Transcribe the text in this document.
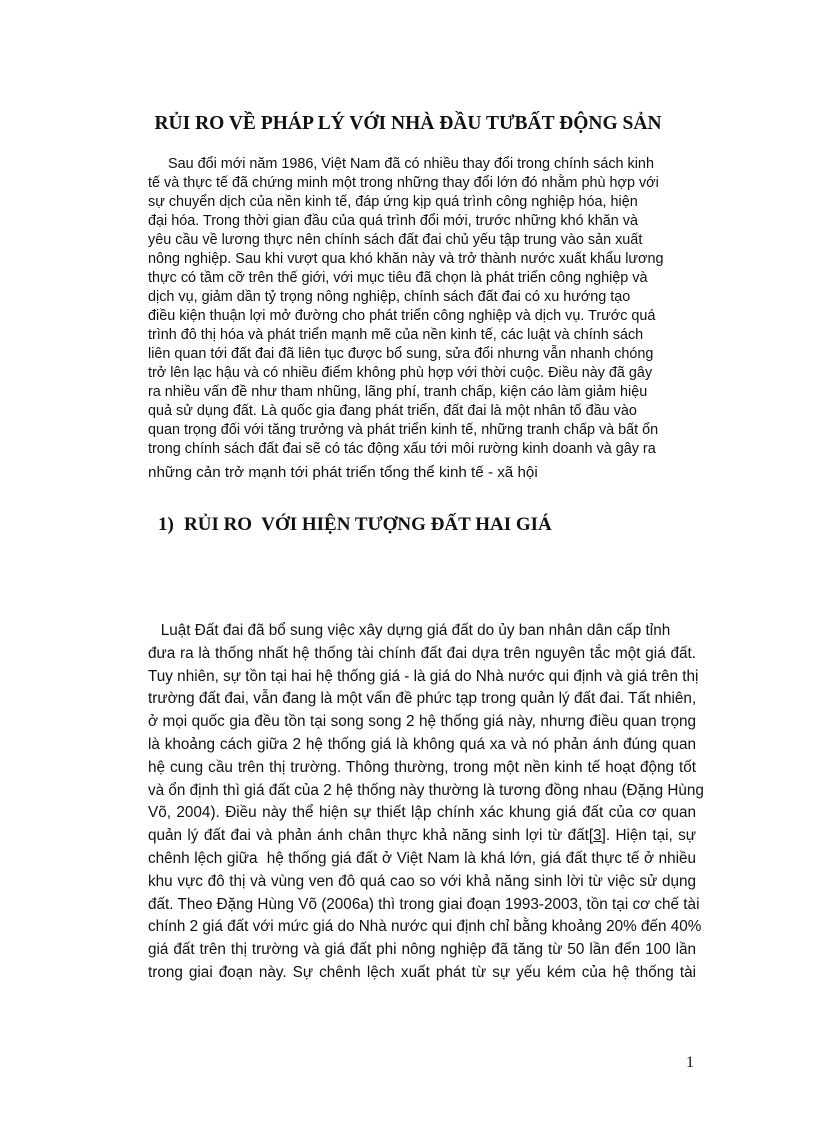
RỦI RO VỀ PHÁP LÝ VỚI NHÀ ĐẦU TƯBẤT ĐỘNG SẢN

Sau đổi mới năm 1986, Việt Nam đã có nhiều thay đổi trong chính sách kinh
tế và thực tế đã chứng minh một trong những thay đổi lớn đó nhằm phù hợp với
sự chuyển dịch của nền kinh tế, đáp ứng kịp quá trình công nghiệp hóa, hiện
đại hóa. Trong thời gian đầu của quá trình đổi mới, trước những khó khăn và
yêu cầu về lương thực nên chính sách đất đai chủ yếu tập trung vào sản xuất
nông nghiệp. Sau khi vượt qua khó khăn này và trở thành nước xuất khẩu lương
thực có tầm cỡ trên thế giới, với mục tiêu đã chọn là phát triển công nghiệp và
dịch vụ, giảm dần tỷ trọng nông nghiệp, chính sách đất đai có xu hướng tạo
điều kiện thuận lợi mở đường cho phát triển công nghiệp và dịch vụ. Trước quá
trình đô thị hóa và phát triển mạnh mẽ của nền kinh tế, các luật và chính sách
liên quan tới đất đai đã liên tục được bổ sung, sửa đổi nhưng vẫn nhanh chóng
trở lên lạc hậu và có nhiều điểm không phù hợp với thời cuộc. Điều này đã gây
ra nhiều vấn đề như tham nhũng, lãng phí, tranh chấp, kiện cáo làm giảm hiệu
quả sử dụng đất. Là quốc gia đang phát triển, đất đai là một nhân tố đầu vào
quan trọng đối với tăng trưởng và phát triển kinh tế, những tranh chấp và bất ổn
trong chính sách đất đai sẽ có tác động xấu tới môi rường kinh doanh và gây ra
những cản trở mạnh tới phát triển tổng thể kinh tế - xã hội

1) RỦI RO  VỚI HIỆN TƯỢNG ĐẤT HAI GIÁ

Luật Đất đai đã bổ sung việc xây dựng giá đất do ủy ban nhân dân cấp tỉnh
đưa ra là thống nhất hệ thống tài chính đất đai dựa trên nguyên tắc một giá đất.
Tuy nhiên, sự tồn tại hai hệ thống giá - là giá do Nhà nước qui định và giá trên thị
trường đất đai, vẫn đang là một vấn đề phức tạp trong quản lý đất đai. Tất nhiên,
ở mọi quốc gia đều tồn tại song song 2 hệ thống giá này, nhưng điều quan trọng
là khoảng cách giữa 2 hệ thống giá là không quá xa và nó phản ánh đúng quan
hệ cung cầu trên thị trường. Thông thường, trong một nền kinh tế hoạt động tốt
và ổn định thì giá đất của 2 hệ thống này thường là tương đồng nhau (Đặng Hùng
Võ, 2004). Điều này thể hiện sự thiết lập chính xác khung giá đất của cơ quan
quản lý đất đai và phản ánh chân thực khả năng sinh lợi từ đất[3]. Hiện tại, sự
chênh lệch giữa  hệ thống giá đất ở Việt Nam là khá lớn, giá đất thực tế ở nhiều
khu vực đô thị và vùng ven đô quá cao so với khả năng sinh lời từ việc sử dụng
đất. Theo Đặng Hùng Võ (2006a) thì trong giai đoạn 1993-2003, tồn tại cơ chế tài
chính 2 giá đất với mức giá do Nhà nước qui định chỉ bằng khoảng 20% đến 40%
giá đất trên thị trường và giá đất phi nông nghiệp đã tăng từ 50 lần đến 100 lần
trong giai đoạn này. Sự chênh lệch xuất phát từ sự yếu kém của hệ thống tài

1
